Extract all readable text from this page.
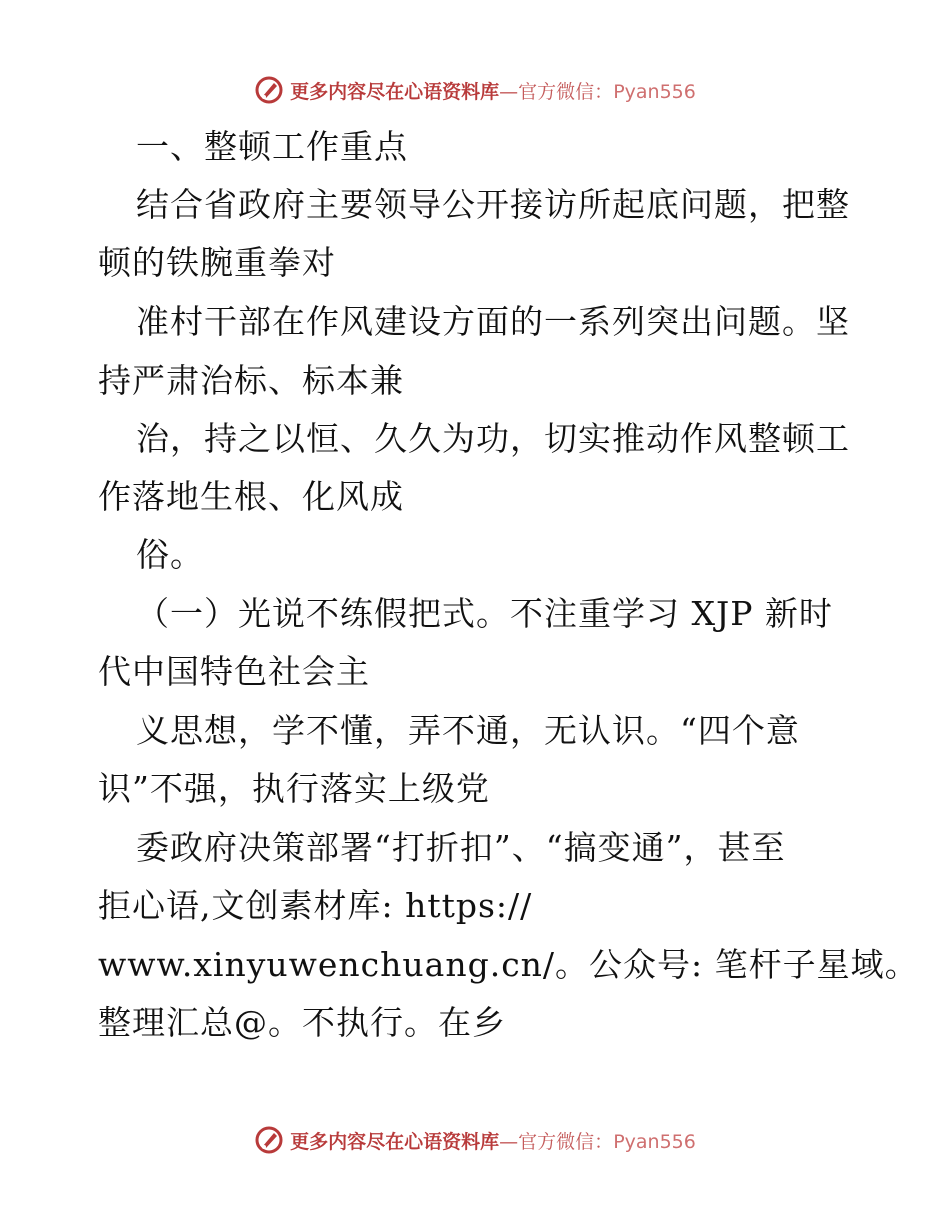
更多内容尽在心语资料库—官方微信：Pyan556
一、整顿工作重点
结合省政府主要领导公开接访所起底问题，把整
顿的铁腕重拳对
准村干部在作风建设方面的一系列突出问题。坚
持严肃治标、标本兼
治，持之以恒、久久为功，切实推动作风整顿工
作落地生根、化风成
俗。
（一）光说不练假把式。不注重学习 XJP 新时
代中国特色社会主
义思想，学不懂，弄不通，无认识。“四个意
识”不强，执行落实上级党
委政府决策部署“打折扣”、“搞变通”，甚至
拒心语,文创素材库: https://
www.xinyuwenchuang.cn/。公众号: 笔杆子星域。
整理汇总@。不执行。在乡
更多内容尽在心语资料库—官方微信：Pyan556
